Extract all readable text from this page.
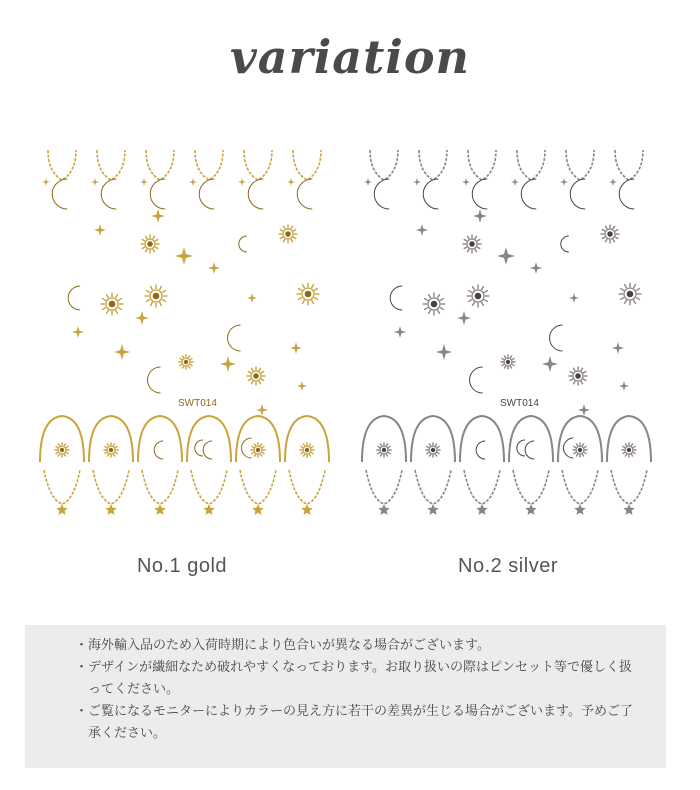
variation
SWT014	SWT014
No.1 gold	No.2 silver
・ 海外輸入品のため入荷時期により色合いが異なる場合がございます。
・ デザインが繊細なため破れやすくなっております。お取り扱いの際はピンセット等で優しく扱ってください。
・ ご覧になるモニターによりカラーの見え方に若干の差異が生じる場合がございます。予めご了承ください。
